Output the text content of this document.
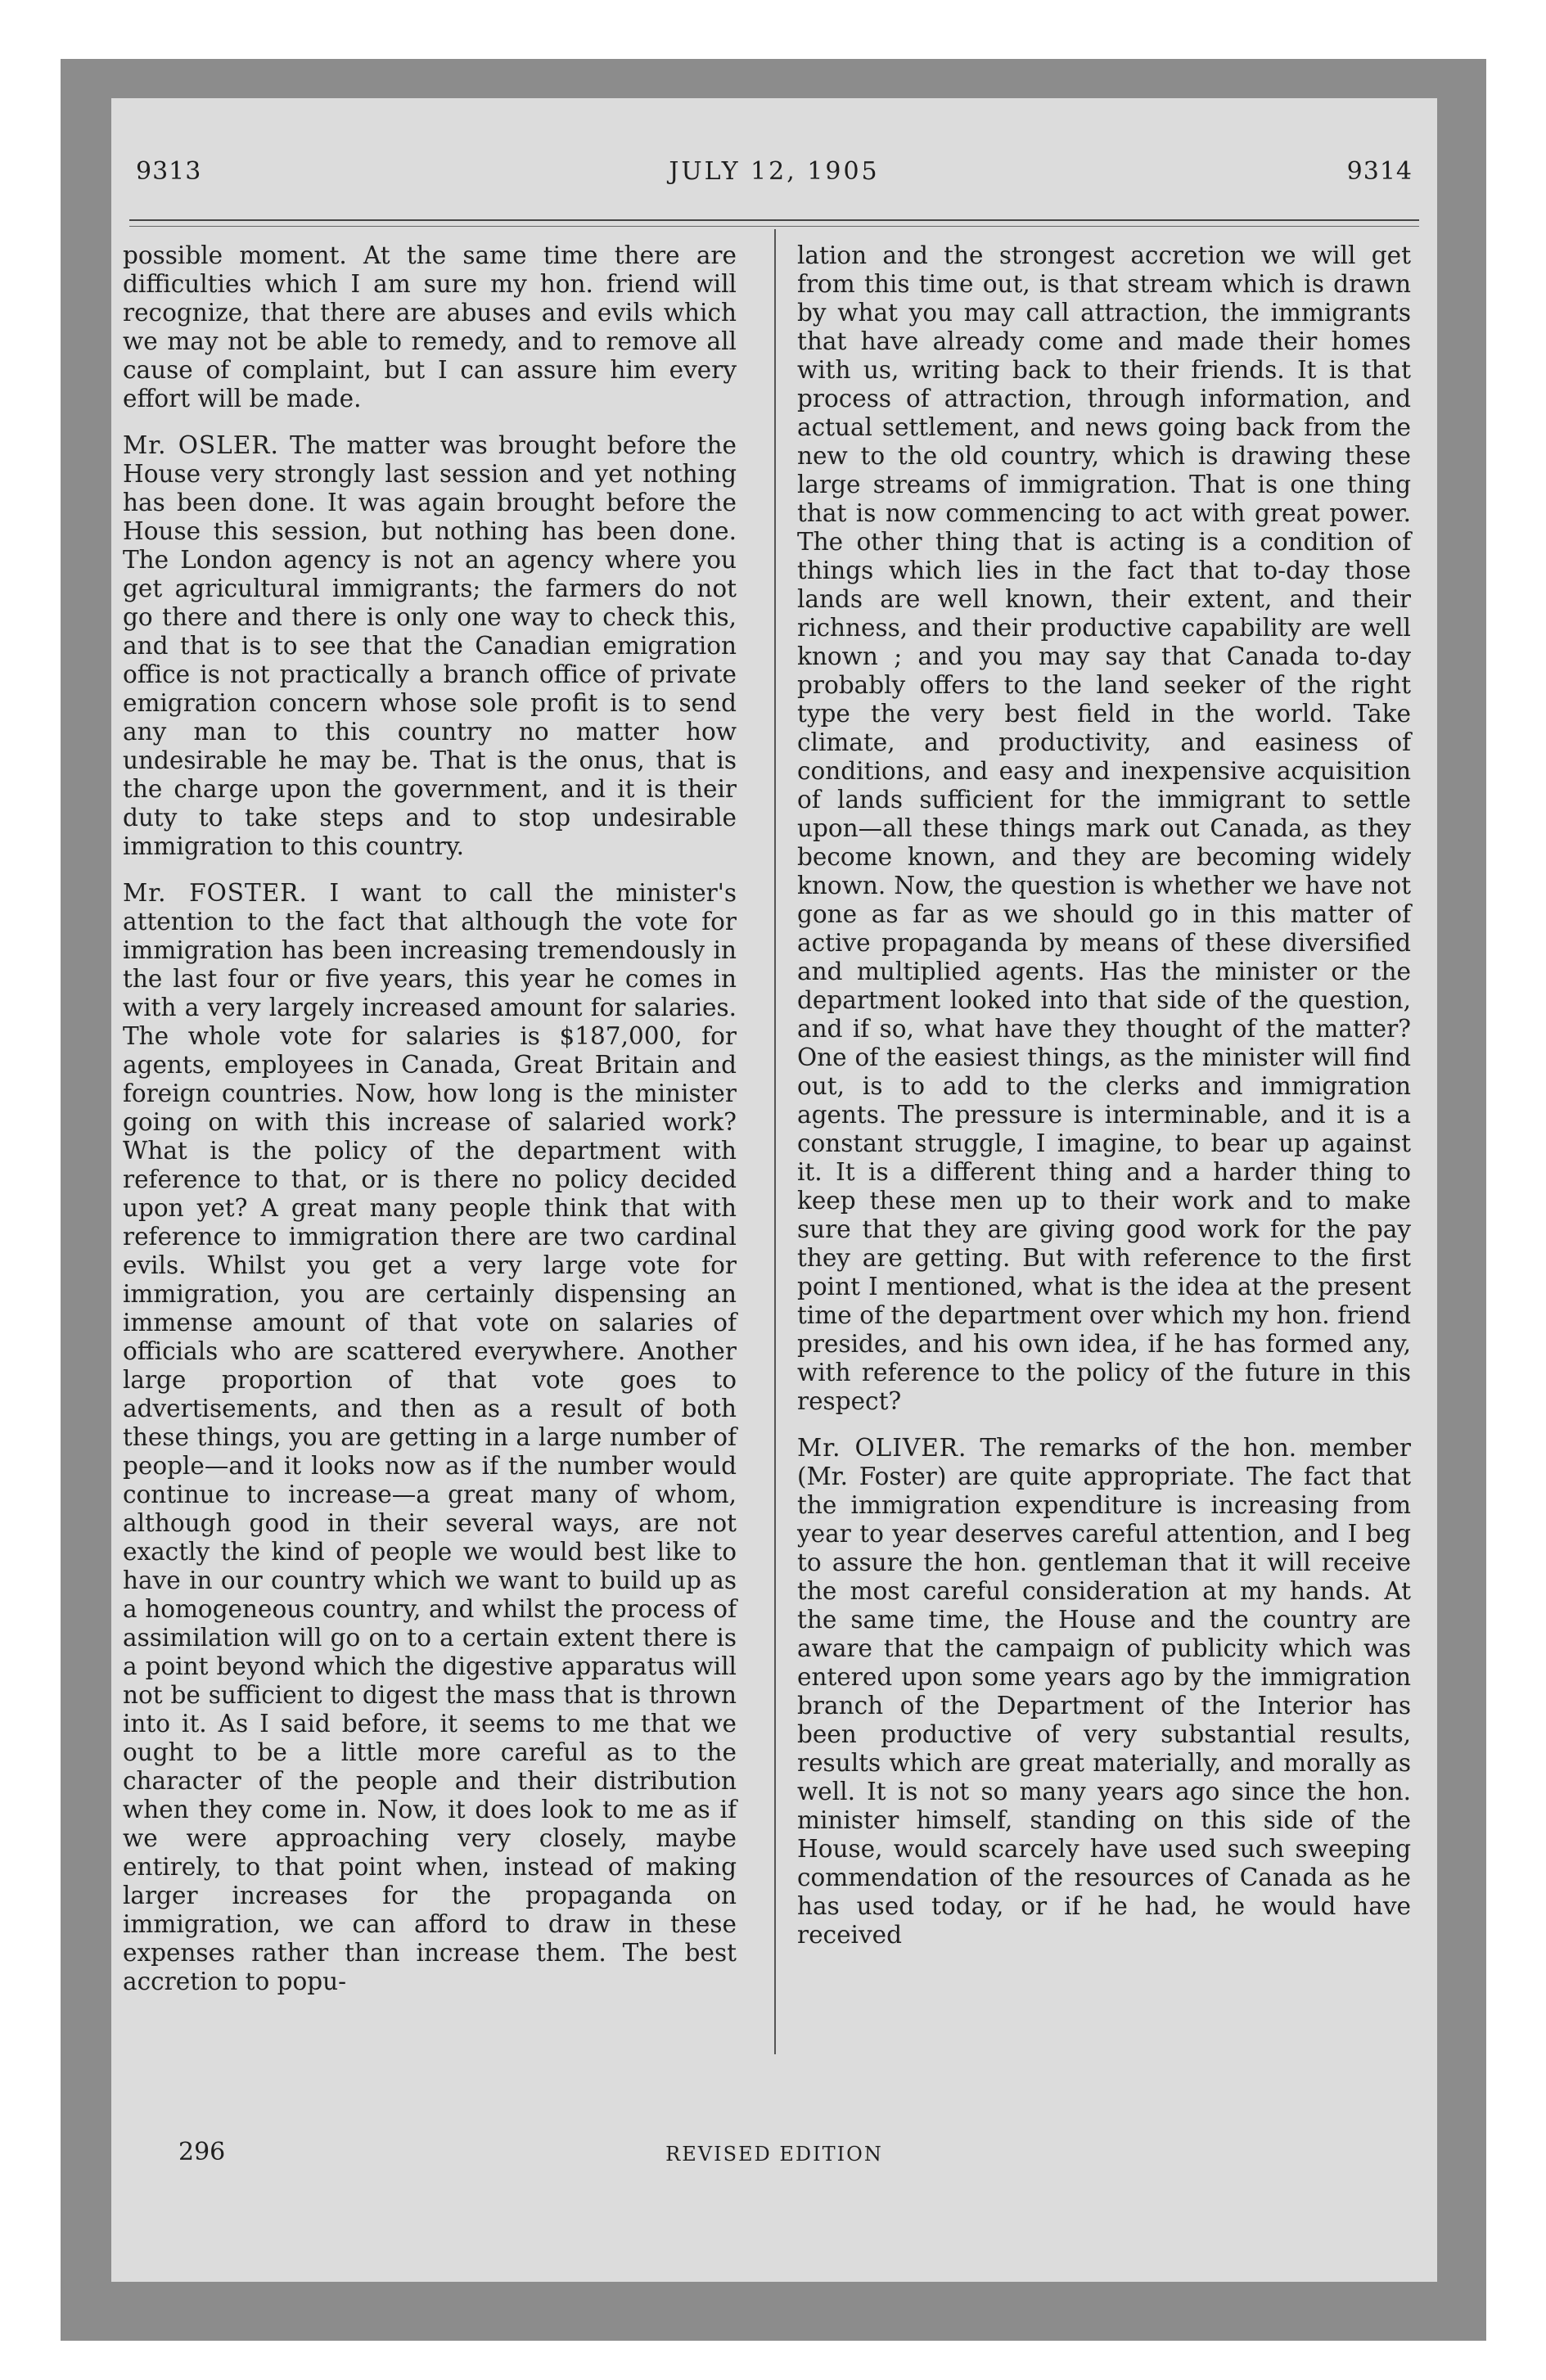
9313	JULY 12, 1905	9314

possible moment. At the same time there are difficulties which I am sure my hon. friend will recognize, that there are abuses and evils which we may not be able to remedy, and to remove all cause of complaint, but I can assure him every effort will be made.

Mr. OSLER. The matter was brought before the House very strongly last session and yet nothing has been done. It was again brought before the House this session, but nothing has been done. The London agency is not an agency where you get agricultural immigrants; the farmers do not go there and there is only one way to check this, and that is to see that the Canadian emigration office is not practically a branch office of private emigration concern whose sole profit is to send any man to this country no matter how undesirable he may be. That is the onus, that is the charge upon the government, and it is their duty to take steps and to stop undesirable immigration to this country.

Mr. FOSTER. I want to call the minister's attention to the fact that although the vote for immigration has been increasing tremendously in the last four or five years, this year he comes in with a very largely increased amount for salaries. The whole vote for salaries is $187,000, for agents, employees in Canada, Great Britain and foreign countries. Now, how long is the minister going on with this increase of salaried work? What is the policy of the department with reference to that, or is there no policy decided upon yet? A great many people think that with reference to immigration there are two cardinal evils. Whilst you get a very large vote for immigration, you are certainly dispensing an immense amount of that vote on salaries of officials who are scattered everywhere. Another large proportion of that vote goes to advertisements, and then as a result of both these things, you are getting in a large number of people—and it looks now as if the number would continue to increase—a great many of whom, although good in their several ways, are not exactly the kind of people we would best like to have in our country which we want to build up as a homogeneous country, and whilst the process of assimilation will go on to a certain extent there is a point beyond which the digestive apparatus will not be sufficient to digest the mass that is thrown into it. As I said before, it seems to me that we ought to be a little more careful as to the character of the people and their distribution when they come in. Now, it does look to me as if we were approaching very closely, maybe entirely, to that point when, instead of making larger increases for the propaganda on immigration, we can afford to draw in these expenses rather than increase them. The best accretion to popu-

lation and the strongest accretion we will get from this time out, is that stream which is drawn by what you may call attraction, the immigrants that have already come and made their homes with us, writing back to their friends. It is that process of attraction, through information, and actual settlement, and news going back from the new to the old country, which is drawing these large streams of immigration. That is one thing that is now commencing to act with great power. The other thing that is acting is a condition of things which lies in the fact that to-day those lands are well known, their extent, and their richness, and their productive capability are well known ; and you may say that Canada to-day probably offers to the land seeker of the right type the very best field in the world. Take climate, and productivity, and easiness of conditions, and easy and inexpensive acquisition of lands sufficient for the immigrant to settle upon—all these things mark out Canada, as they become known, and they are becoming widely known. Now, the question is whether we have not gone as far as we should go in this matter of active propaganda by means of these diversified and multiplied agents. Has the minister or the department looked into that side of the question, and if so, what have they thought of the matter? One of the easiest things, as the minister will find out, is to add to the clerks and immigration agents. The pressure is interminable, and it is a constant struggle, I imagine, to bear up against it. It is a different thing and a harder thing to keep these men up to their work and to make sure that they are giving good work for the pay they are getting. But with reference to the first point I mentioned, what is the idea at the present time of the department over which my hon. friend presides, and his own idea, if he has formed any, with reference to the policy of the future in this respect?

Mr. OLIVER. The remarks of the hon. member (Mr. Foster) are quite appropriate. The fact that the immigration expenditure is increasing from year to year deserves careful attention, and I beg to assure the hon. gentleman that it will receive the most careful consideration at my hands. At the same time, the House and the country are aware that the campaign of publicity which was entered upon some years ago by the immigration branch of the Department of the Interior has been productive of very substantial results, results which are great materially, and morally as well. It is not so many years ago since the hon. minister himself, standing on this side of the House, would scarcely have used such sweeping commendation of the resources of Canada as he has used today, or if he had, he would have received

296	REVISED EDITION
